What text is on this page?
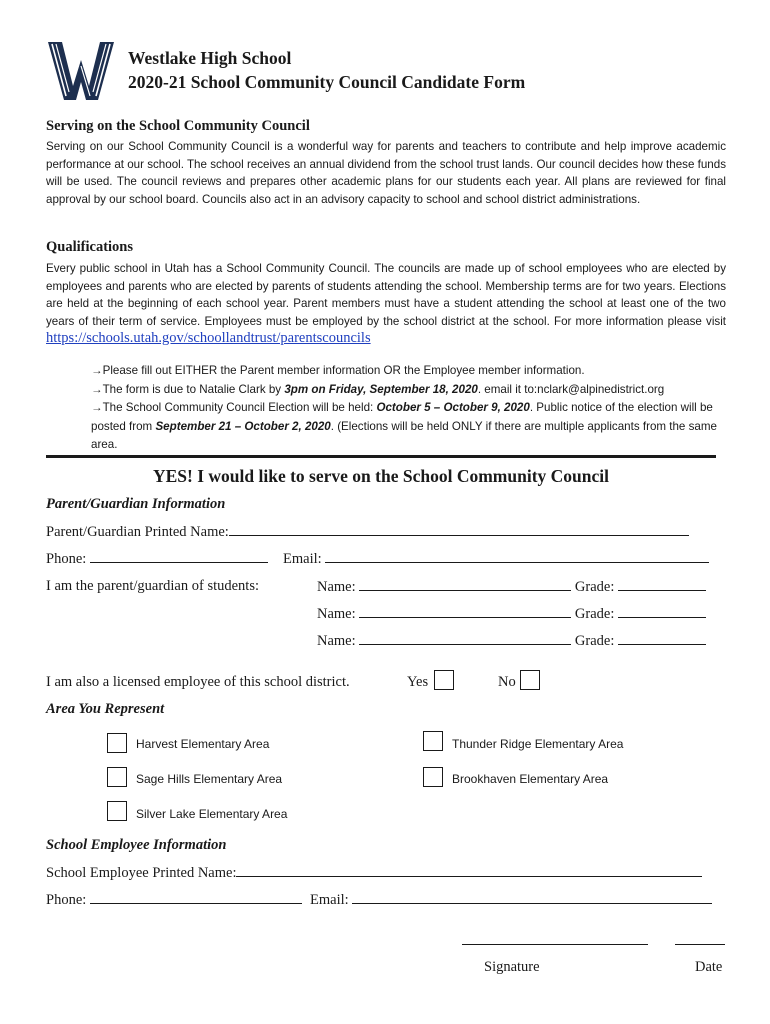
Westlake High School
2020-21 School Community Council Candidate Form
Serving on the School Community Council
Serving on our School Community Council is a wonderful way for parents and teachers to contribute and help improve academic performance at our school. The school receives an annual dividend from the school trust lands. Our council decides how these funds will be used. The council reviews and prepares other academic plans for our students each year. All plans are reviewed for final approval by our school board. Councils also act in an advisory capacity to school and school district administrations.
Qualifications
Every public school in Utah has a School Community Council. The councils are made up of school employees who are elected by employees and parents who are elected by parents of students attending the school. Membership terms are for two years. Elections are held at the beginning of each school year. Parent members must have a student attending the school at least one of the two years of their term of service. Employees must be employed by the school district at the school. For more information please visit https://schools.utah.gov/schoollandtrust/parentscouncils
→Please fill out EITHER the Parent member information OR the Employee member information.
→The form is due to Natalie Clark by 3pm on Friday, September 18, 2020. email it to:nclark@alpinedistrict.org
→The School Community Council Election will be held: October 5 – October 9, 2020. Public notice of the election will be posted from September 21 – October 2, 2020. (Elections will be held ONLY if there are multiple applicants from the same area.
YES! I would like to serve on the School Community Council
Parent/Guardian Information
Parent/Guardian Printed Name:
Phone:	Email:
I am the parent/guardian of students:	Name:	Grade:
Name:	Grade:
Name:	Grade:
I am also a licensed employee of this school district.	Yes	No
Area You Represent
Harvest Elementary Area	Thunder Ridge Elementary Area
Sage Hills Elementary Area	Brookhaven Elementary Area
Silver Lake Elementary Area
School Employee Information
School Employee Printed Name:
Phone:	Email:
Signature	Date
